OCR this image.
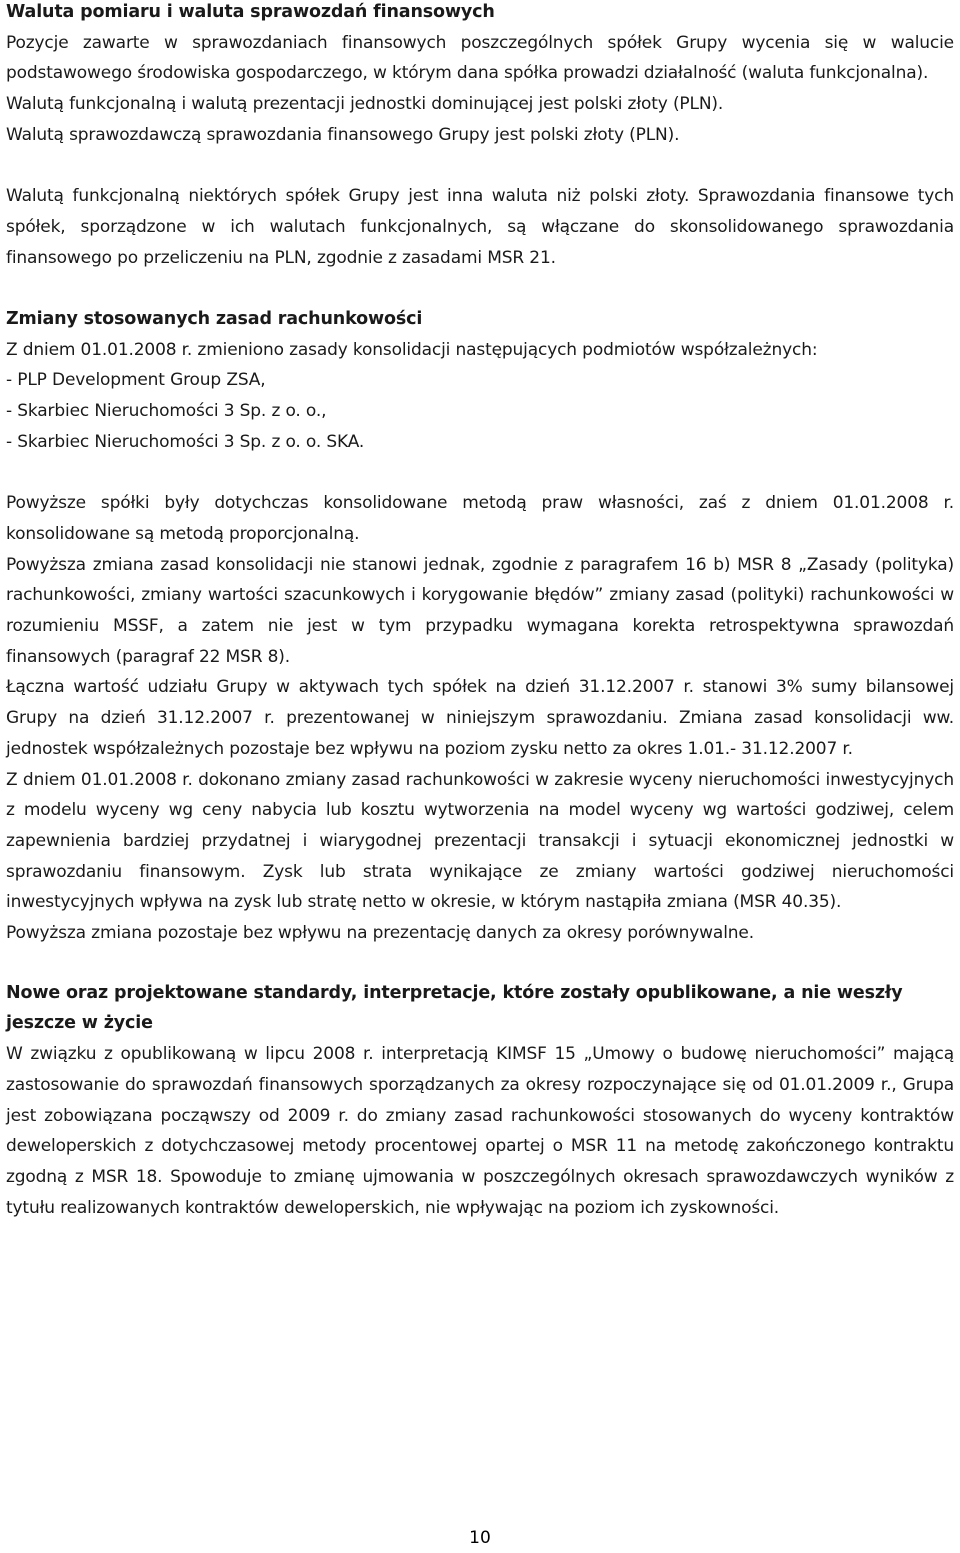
Waluta pomiaru i waluta sprawozdań finansowych

Pozycje zawarte w sprawozdaniach finansowych poszczególnych spółek Grupy wycenia się w walucie podstawowego środowiska gospodarczego, w którym dana spółka prowadzi działalność (waluta funkcjonalna).

Walutą funkcjonalną i walutą prezentacji jednostki dominującej jest polski złoty (PLN).

Walutą sprawozdawczą sprawozdania finansowego Grupy jest polski złoty (PLN).

Walutą funkcjonalną niektórych spółek Grupy jest inna waluta niż polski złoty. Sprawozdania finansowe tych spółek, sporządzone w ich walutach funkcjonalnych, są włączane do skonsolidowanego sprawozdania finansowego po przeliczeniu na PLN, zgodnie z zasadami MSR 21.

Zmiany stosowanych zasad rachunkowości

Z dniem 01.01.2008 r. zmieniono zasady konsolidacji następujących podmiotów współzależnych:

- PLP Development Group ZSA,
- Skarbiec Nieruchomości 3 Sp. z o. o.,
- Skarbiec Nieruchomości 3 Sp. z o. o. SKA.

Powyższe spółki były dotychczas konsolidowane metodą praw własności, zaś z dniem 01.01.2008 r. konsolidowane są metodą proporcjonalną.

Powyższa zmiana zasad konsolidacji nie stanowi jednak, zgodnie z paragrafem 16 b) MSR 8 „Zasady (polityka) rachunkowości, zmiany wartości szacunkowych i korygowanie błędów” zmiany zasad (polityki) rachunkowości w rozumieniu MSSF, a zatem nie jest w tym przypadku wymagana korekta retrospektywna sprawozdań finansowych (paragraf 22 MSR 8).

Łączna wartość udziału Grupy w aktywach tych spółek na dzień 31.12.2007 r. stanowi 3% sumy bilansowej Grupy na dzień 31.12.2007 r. prezentowanej w niniejszym sprawozdaniu. Zmiana zasad konsolidacji ww. jednostek współzależnych pozostaje bez wpływu na poziom zysku netto za okres 1.01.- 31.12.2007 r.

Z dniem 01.01.2008 r. dokonano zmiany zasad rachunkowości w zakresie wyceny nieruchomości inwestycyjnych z modelu wyceny wg ceny nabycia lub kosztu wytworzenia na model wyceny wg wartości godziwej, celem zapewnienia bardziej przydatnej i wiarygodnej prezentacji transakcji i sytuacji ekonomicznej jednostki w sprawozdaniu finansowym. Zysk lub strata wynikające ze zmiany wartości godziwej nieruchomości inwestycyjnych wpływa na zysk lub stratę netto w okresie, w którym nastąpiła zmiana (MSR 40.35).

Powyższa zmiana pozostaje bez wpływu na prezentację danych za okresy porównywalne.

Nowe oraz projektowane standardy, interpretacje, które zostały opublikowane, a nie weszły jeszcze w życie

W związku z opublikowaną w lipcu 2008 r. interpretacją KIMSF 15 „Umowy o budowę nieruchomości” mającą zastosowanie do sprawozdań finansowych sporządzanych za okresy rozpoczynające się od 01.01.2009 r., Grupa jest zobowiązana począwszy od 2009 r. do zmiany zasad rachunkowości stosowanych do wyceny kontraktów deweloperskich z dotychczasowej metody procentowej opartej o MSR 11 na metodę zakończonego kontraktu zgodną z MSR 18. Spowoduje to zmianę ujmowania w poszczególnych okresach sprawozdawczych wyników z tytułu realizowanych kontraktów deweloperskich, nie wpływając na poziom ich zyskowności.

10
